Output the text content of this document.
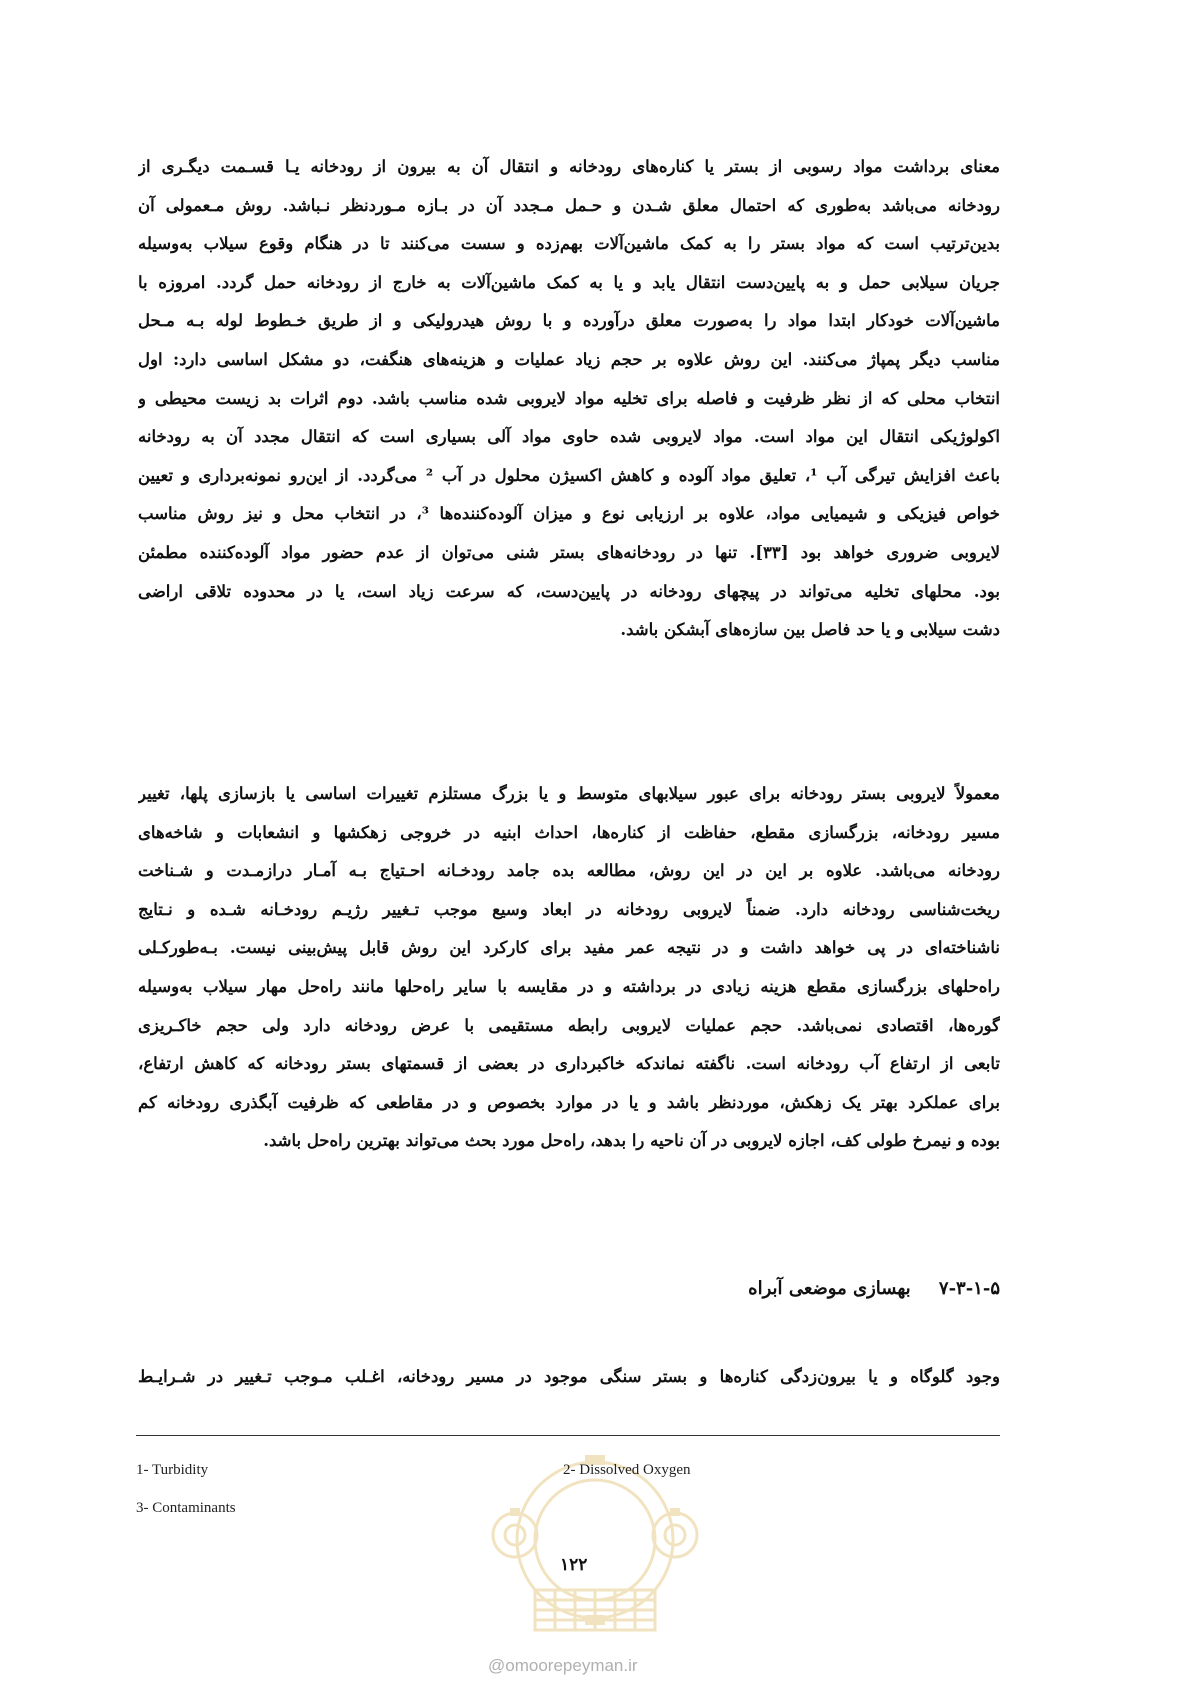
معنای برداشت مواد رسوبی از بستر یا کناره‌های رودخانه و انتقال آن به بیرون از رودخانه یـا قسـمت دیگـری از
رودخانه می‌باشد به‌طوری که احتمال معلق شـدن و حـمل مـجدد آن در بـازه مـوردنظر نـباشد. روش مـعمولی آن
بدین‌ترتیب است که مواد بستر را به کمک ماشین‌آلات بهم‌زده و سست می‌کنند تا در هنگام وقوع سیلاب به‌وسیله
جریان سیلابی حمل و به پایین‌دست انتقال یابد و یا به کمک ماشین‌آلات به خارج از رودخانه حمل گردد. امروزه با
ماشین‌آلات خودکار ابتدا مواد را به‌صورت معلق درآورده و با روش هیدرولیکی و از طریق خـطوط لوله بـه مـحل
مناسب دیگر پمپاژ می‌کنند. این روش علاوه بر حجم زیاد عملیات و هزینه‌های هنگفت، دو مشکل اساسی دارد: اول
انتخاب محلی که از نظر ظرفیت و فاصله برای تخلیه مواد لایروبی شده مناسب باشد. دوم اثرات بد زیست محیطی و
اکولوژیکی انتقال این مواد است. مواد لایروبی شده حاوی مواد آلی بسیاری است که انتقال مجدد آن به رودخانه
باعث افزایش تیرگی آب ¹، تعلیق مواد آلوده و کاهش اکسیژن محلول در آب ² می‌گردد. از این‌رو نمونه‌برداری و تعیین
خواص فیزیکی و شیمیایی مواد، علاوه بر ارزیابی نوع و میزان آلوده‌کننده‌ها ³، در انتخاب محل و نیز روش مناسب
لایروبی ضروری خواهد بود [۳۳]. تنها در رودخانه‌های بستر شنی می‌توان از عدم حضور مواد آلوده‌کننده مطمئن
بود. محلهای تخلیه می‌تواند در پیچهای رودخانه در پایین‌دست، که سرعت زیاد است، یا در محدوده تلاقی اراضی
دشت سیلابی و یا حد فاصل بین سازه‌های آبشکن باشد.
معمولاً لایروبی بستر رودخانه برای عبور سیلابهای متوسط و یا بزرگ مستلزم تغییرات اساسی یا بازسازی پلها، تغییر
مسیر رودخانه، بزرگسازی مقطع، حفاظت از کناره‌ها، احداث ابنیه در خروجی زهکشها و انشعابات و شاخه‌های
رودخانه می‌باشد. علاوه بر این در این روش، مطالعه بده جامد رودخـانه احـتیاج بـه آمـار درازمـدت و شـناخت
ریخت‌شناسی رودخانه دارد. ضمناً لایروبی رودخانه در ابعاد وسیع موجب تـغییر رژیـم رودخـانه شـده و نـتایج
ناشناخته‌ای در پی خواهد داشت و در نتیجه عمر مفید برای کارکرد این روش قابل پیش‌بینی نیست. بـه‌طورکـلی
راه‌حلهای بزرگسازی مقطع هزینه زیادی در برداشته و در مقایسه با سایر راه‌حلها مانند راه‌حل مهار سیلاب به‌وسیله
گوره‌ها، اقتصادی نمی‌باشد. حجم عملیات لایروبی رابطه مستقیمی با عرض رودخانه دارد ولی حجم خاکـریزی
تابعی از ارتفاع آب رودخانه است. ناگفته نماندکه خاکبرداری در بعضی از قسمتهای بستر رودخانه که کاهش ارتفاع،
برای عملکرد بهتر یک زهکش، موردنظر باشد و یا در موارد بخصوص و در مقاطعی که ظرفیت آبگذری رودخانه کم
بوده و نیمرخ طولی کف، اجازه لایروبی در آن ناحیه را بدهد، راه‌حل مورد بحث می‌تواند بهترین راه‌حل باشد.
۷-۳-۱-۵ بهسازی موضعی آبراه
وجود گلوگاه و یا بیرون‌زدگی کناره‌ها و بستر سنگی موجود در مسیر رودخانه، اغـلب مـوجب تـغییر در شـرایـط
1- Turbidity	2- Dissolved Oxygen
3- Contaminants
۱۲۲
@omoorepeyman.ir
